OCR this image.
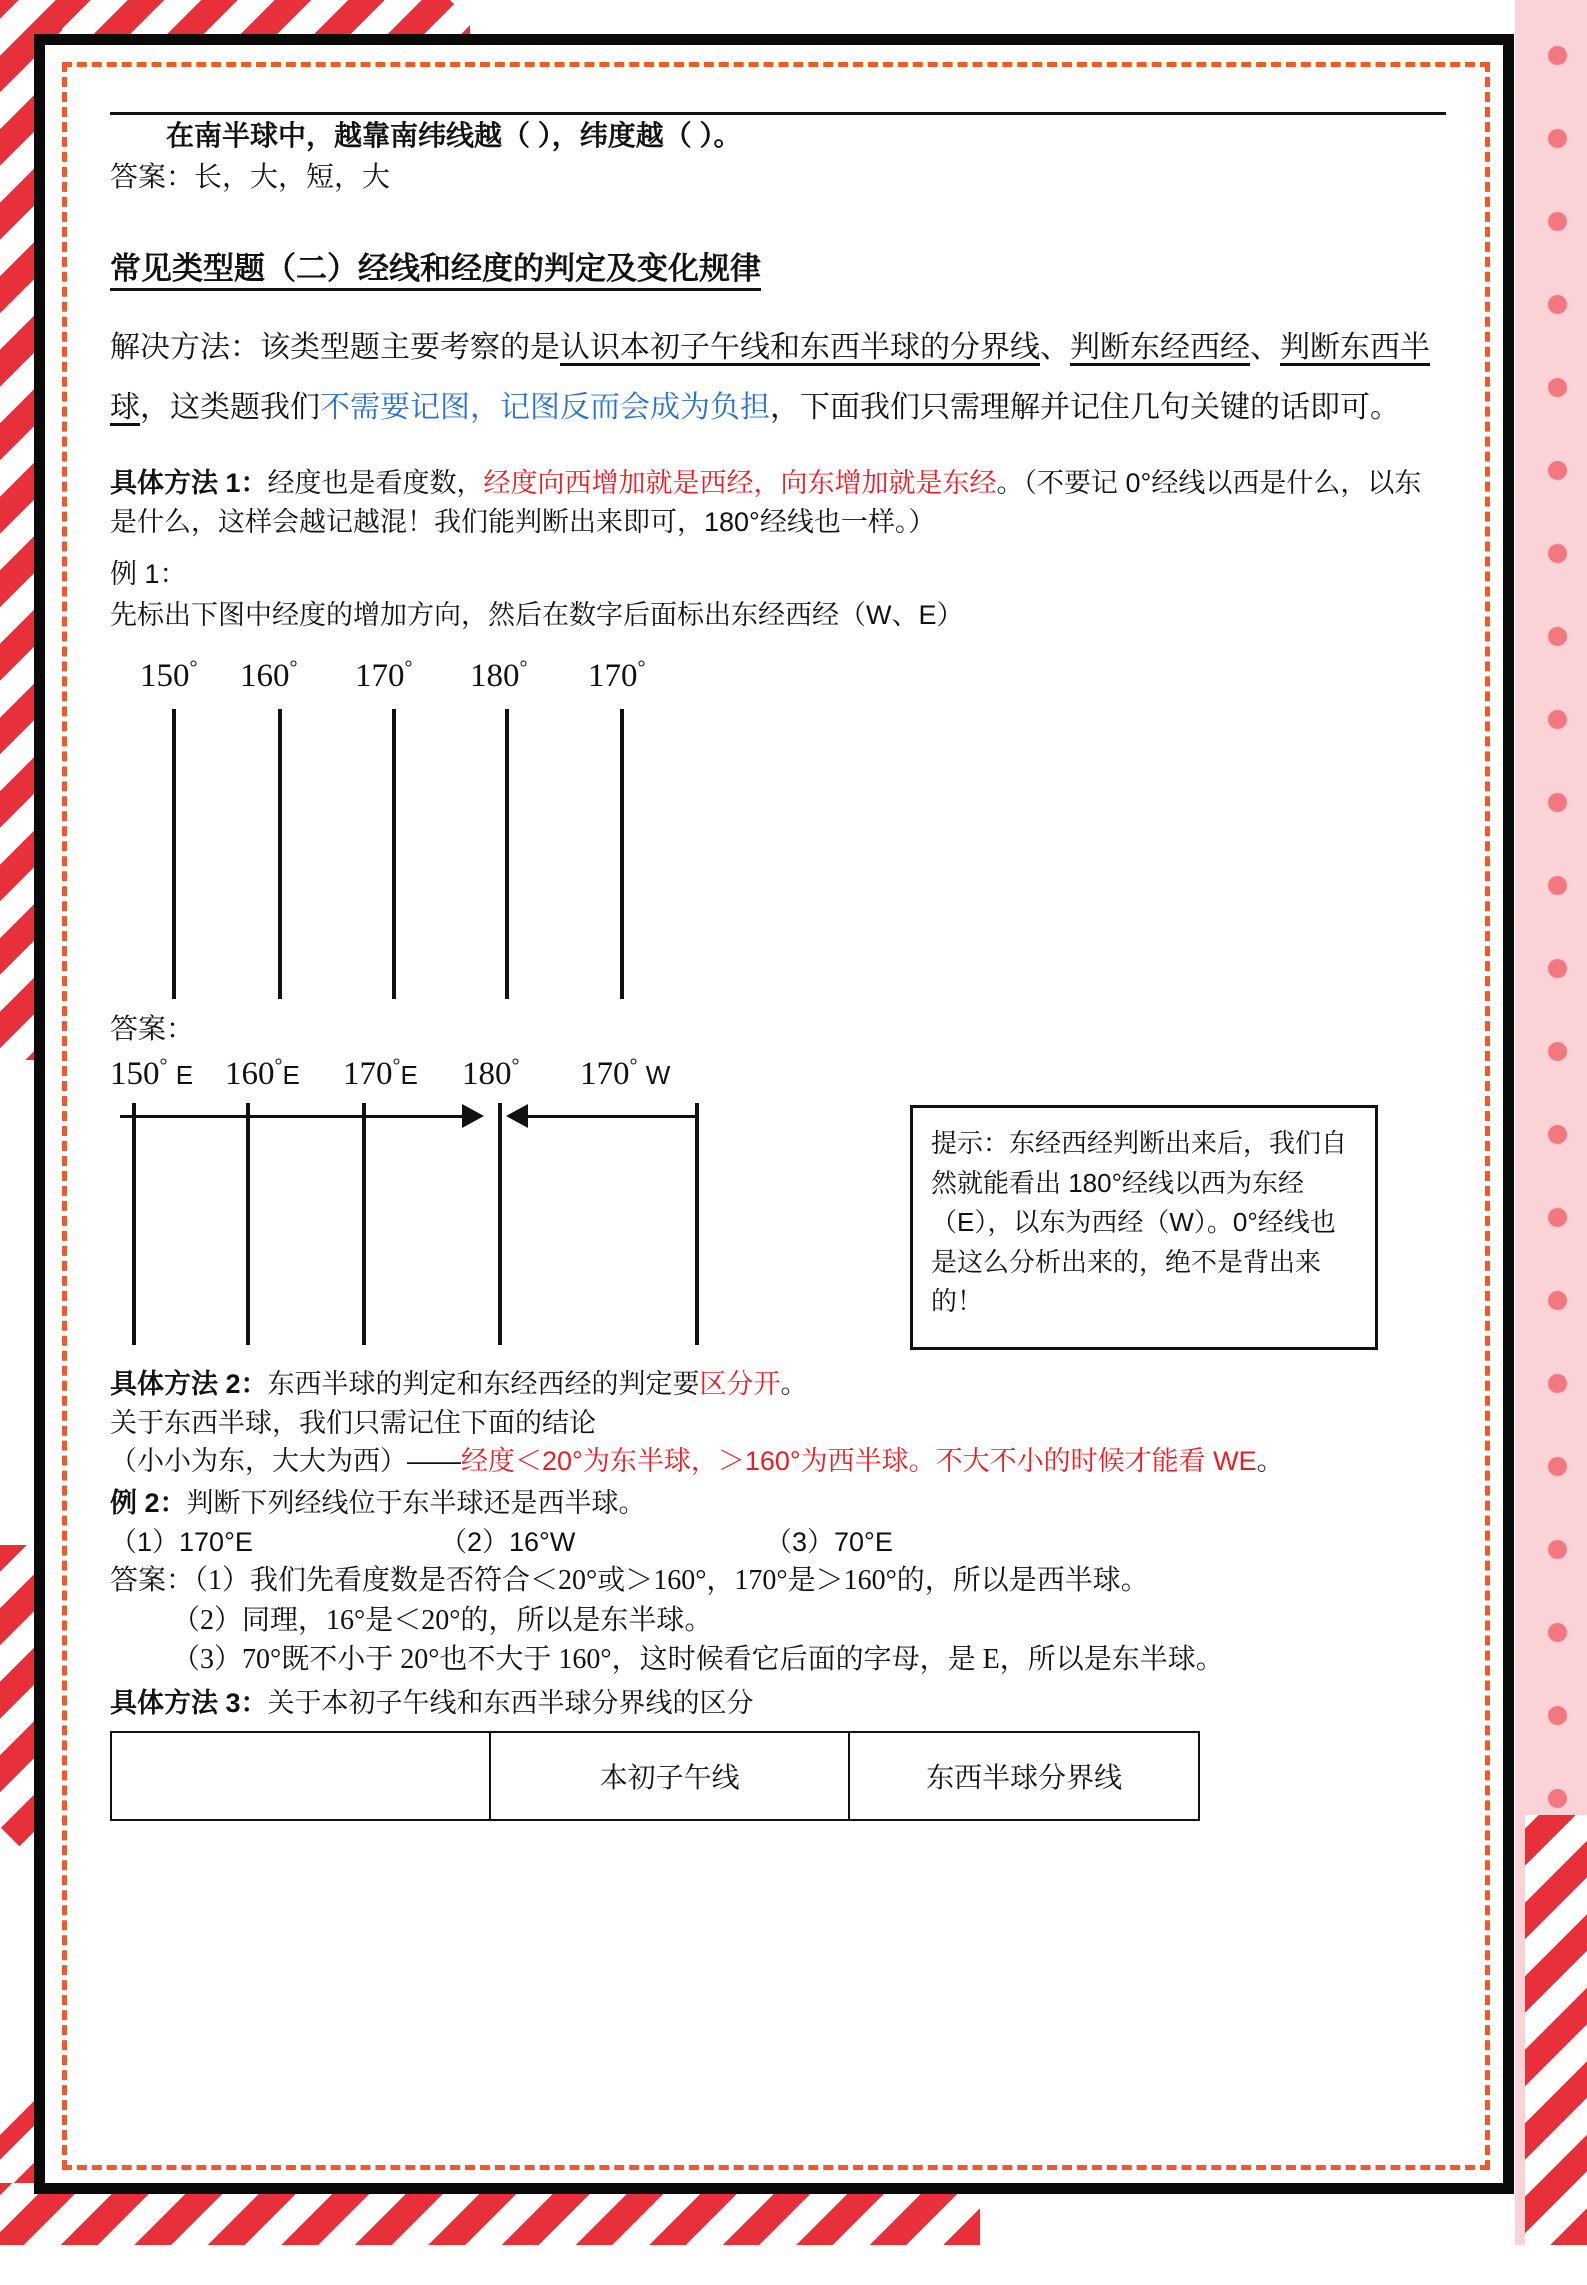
在南半球中，越靠南纬线越（ ），纬度越（ ）。
答案：长，大，短，大
常见类型题（二）经线和经度的判定及变化规律
解决方法：该类型题主要考察的是认识本初子午线和东西半球的分界线、判断东经西经、判断东西半球，这类题我们不需要记图，记图反而会成为负担，下面我们只需理解并记住几句关键的话即可。
具体方法 1：经度也是看度数，经度向西增加就是西经，向东增加就是东经。（不要记 0°经线以西是什么，以东是什么，这样会越记越混！我们能判断出来即可，180°经线也一样。）
例 1：
先标出下图中经度的增加方向，然后在数字后面标出东经西经（W、E）
150° 160° 170° 180° 170°
答案：
150° E 160°E 170°E 180° 170° W
提示：东经西经判断出来后，我们自然就能看出 180°经线以西为东经（E），以东为西经（W）。0°经线也是这么分析出来的，绝不是背出来的！
具体方法 2：东西半球的判定和东经西经的判定要区分开。
关于东西半球，我们只需记住下面的结论
（小小为东，大大为西）——经度＜20°为东半球，＞160°为西半球。不大不小的时候才能看 WE。
例 2：判断下列经线位于东半球还是西半球。
（1）170°E	（2）16°W	（3）70°E
答案：（1）我们先看度数是否符合＜20°或＞160°，170°是＞160°的，所以是西半球。
（2）同理，16°是＜20°的，所以是东半球。
（3）70°既不小于 20°也不大于 160°，这时候看它后面的字母，是 E，所以是东半球。
具体方法 3：关于本初子午线和东西半球分界线的区分
	本初子午线	东西半球分界线
